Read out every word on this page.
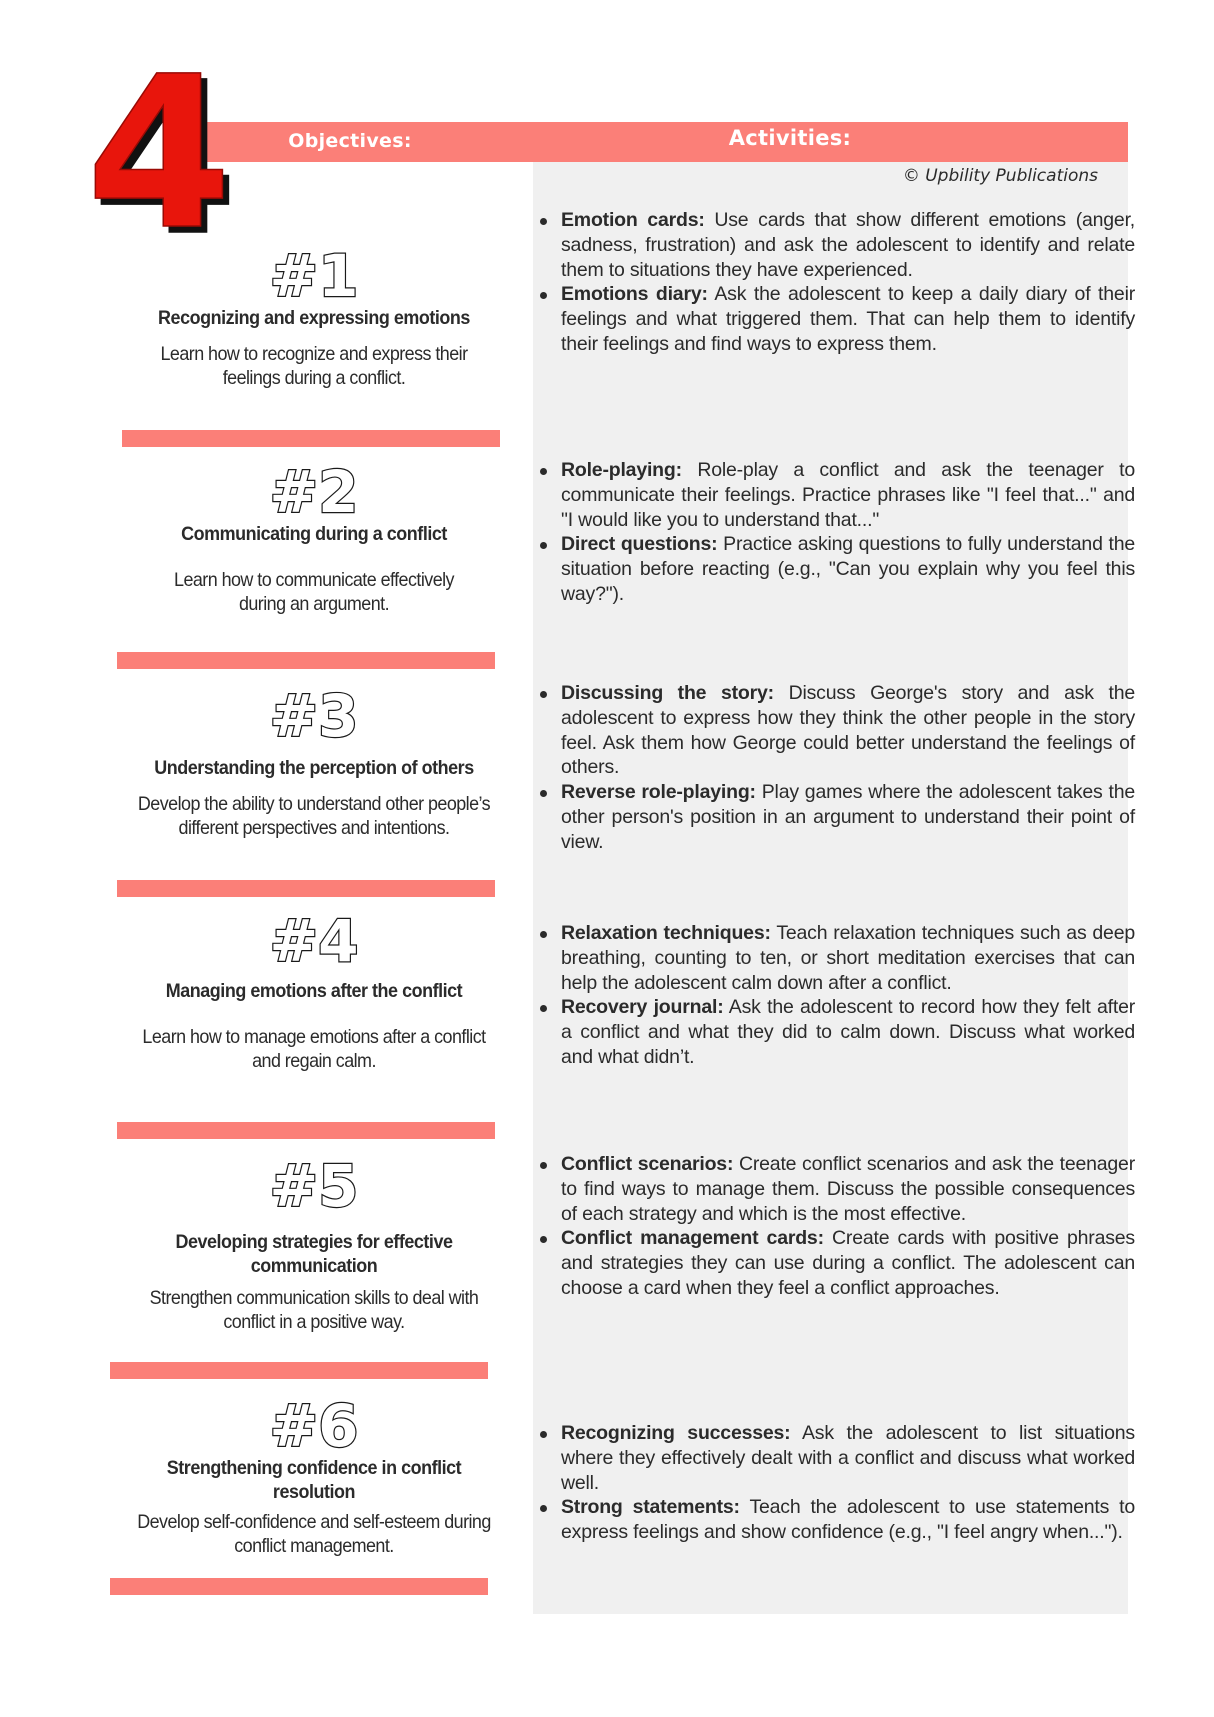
Objectives:	Activities:
4	© Upbility Publications
#1
Recognizing and expressing emotions
Learn how to recognize and express their feelings during a conflict.
#2
Communicating during a conflict
Learn how to communicate effectively during an argument.
#3
Understanding the perception of others
Develop the ability to understand other people’s different perspectives and intentions.
#4
Managing emotions after the conflict
Learn how to manage emotions after a conflict and regain calm.
#5
Developing strategies for effective communication
Strengthen communication skills to deal with conflict in a positive way.
#6
Strengthening confidence in conflict resolution
Develop self-confidence and self-esteem during conflict management.
Emotion cards: Use cards that show different emotions (anger, sadness, frustration) and ask the adolescent to identify and relate them to situations they have experienced.
Emotions diary: Ask the adolescent to keep a daily diary of their feelings and what triggered them. That can help them to identify their feelings and find ways to express them.
Role-playing: Role-play a conflict and ask the teenager to communicate their feelings. Practice phrases like "I feel that..." and "I would like you to understand that..."
Direct questions: Practice asking questions to fully understand the situation before reacting (e.g., "Can you explain why you feel this way?").
Discussing the story: Discuss George's story and ask the adolescent to express how they think the other people in the story feel. Ask them how George could better understand the feelings of others.
Reverse role-playing: Play games where the adolescent takes the other person's position in an argument to understand their point of view.
Relaxation techniques: Teach relaxation techniques such as deep breathing, counting to ten, or short meditation exercises that can help the adolescent calm down after a conflict.
Recovery journal: Ask the adolescent to record how they felt after a conflict and what they did to calm down. Discuss what worked and what didn’t.
Conflict scenarios: Create conflict scenarios and ask the teenager to find ways to manage them. Discuss the possible consequences of each strategy and which is the most effective.
Conflict management cards: Create cards with positive phrases and strategies they can use during a conflict. The adolescent can choose a card when they feel a conflict approaches.
Recognizing successes: Ask the adolescent to list situations where they effectively dealt with a conflict and discuss what worked well.
Strong statements: Teach the adolescent to use statements to express feelings and show confidence (e.g., "I feel angry when...").
